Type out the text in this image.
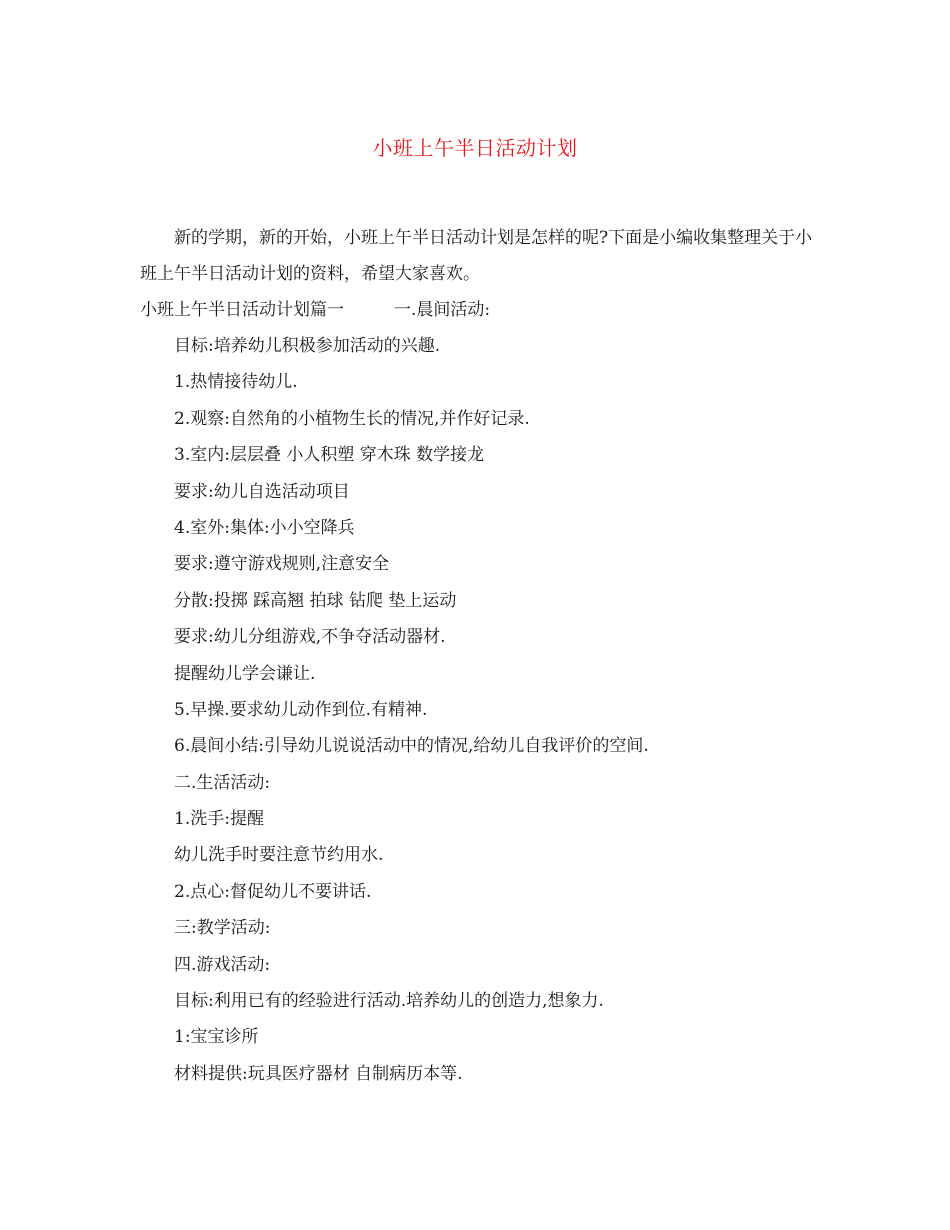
小班上午半日活动计划

新的学期，新的开始，小班上午半日活动计划是怎样的呢?下面是小编收集整理关于小班上午半日活动计划的资料，希望大家喜欢。

小班上午半日活动计划篇一	一.晨间活动:
目标:培养幼儿积极参加活动的兴趣.
1.热情接待幼儿.
2.观察:自然角的小植物生长的情况,并作好记录.
3.室内:层层叠 小人积塑 穿木珠 数学接龙
要求:幼儿自选活动项目
4.室外:集体:小小空降兵
要求:遵守游戏规则,注意安全
分散:投掷 踩高翘 拍球 钻爬 垫上运动
要求:幼儿分组游戏,不争夺活动器材.
提醒幼儿学会谦让.
5.早操.要求幼儿动作到位.有精神.
6.晨间小结:引导幼儿说说活动中的情况,给幼儿自我评价的空间.
二.生活活动:
1.洗手:提醒
幼儿洗手时要注意节约用水.
2.点心:督促幼儿不要讲话.
三:教学活动:
四.游戏活动:
目标:利用已有的经验进行活动.培养幼儿的创造力,想象力.
1:宝宝诊所
材料提供:玩具医疗器材 自制病历本等.
